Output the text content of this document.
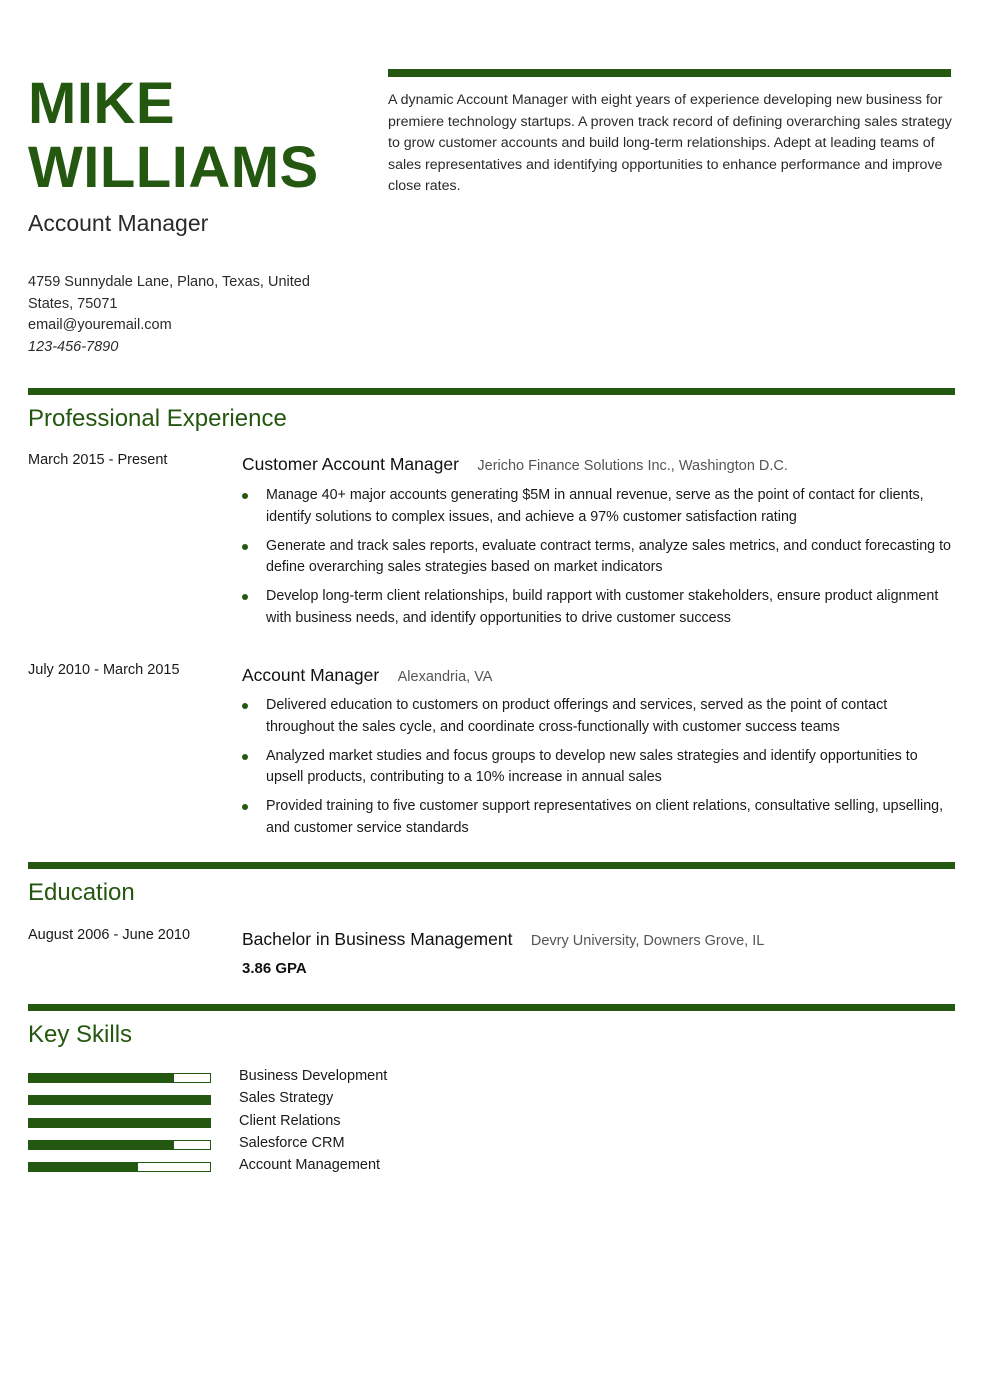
MIKE
WILLIAMS
Account Manager
4759 Sunnydale Lane, Plano, Texas, United
States, 75071
email@youremail.com
123-456-7890
A dynamic Account Manager with eight years of experience developing new business for premiere technology startups. A proven track record of defining overarching sales strategy to grow customer accounts and build long-term relationships. Adept at leading teams of sales representatives and identifying opportunities to enhance performance and improve close rates.
Professional Experience
March 2015 - Present	Customer Account Manager Jericho Finance Solutions Inc., Washington D.C.
Manage 40+ major accounts generating $5M in annual revenue, serve as the point of contact for clients, identify solutions to complex issues, and achieve a 97% customer satisfaction rating
Generate and track sales reports, evaluate contract terms, analyze sales metrics, and conduct forecasting to define overarching sales strategies based on market indicators
Develop long-term client relationships, build rapport with customer stakeholders, ensure product alignment with business needs, and identify opportunities to drive customer success
July 2010 - March 2015	Account Manager Alexandria, VA
Delivered education to customers on product offerings and services, served as the point of contact throughout the sales cycle, and coordinate cross-functionally with customer success teams
Analyzed market studies and focus groups to develop new sales strategies and identify opportunities to upsell products, contributing to a 10% increase in annual sales
Provided training to five customer support representatives on client relations, consultative selling, upselling, and customer service standards
Education
August 2006 - June 2010	Bachelor in Business Management Devry University, Downers Grove, IL
3.86 GPA
Key Skills
Business Development
Sales Strategy
Client Relations
Salesforce CRM
Account Management
